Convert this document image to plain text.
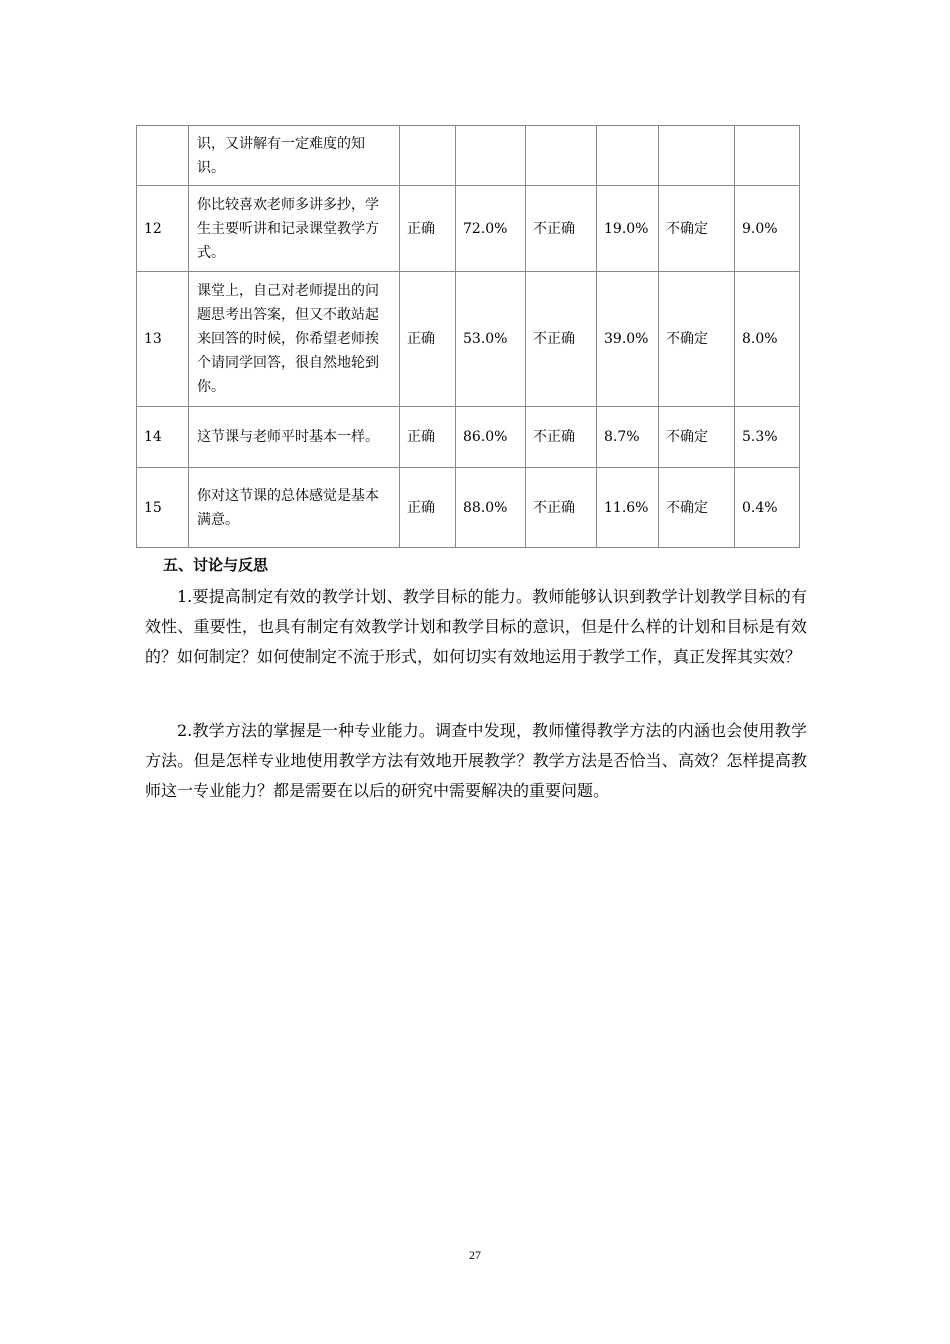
	识，又讲解有一定难度的知识。						
12	你比较喜欢老师多讲多抄，学生主要听讲和记录课堂教学方式。	正确	72.0%	不正确	19.0%	不确定	9.0%
13	课堂上，自己对老师提出的问题思考出答案，但又不敢站起来回答的时候，你希望老师挨个请同学回答，很自然地轮到你。	正确	53.0%	不正确	39.0%	不确定	8.0%
14	这节课与老师平时基本一样。	正确	86.0%	不正确	8.7%	不确定	5.3%
15	你对这节课的总体感觉是基本满意。	正确	88.0%	不正确	11.6%	不确定	0.4%
五、讨论与反思

1.要提高制定有效的教学计划、教学目标的能力。教师能够认识到教学计划教学目标的有效性、重要性，也具有制定有效教学计划和教学目标的意识，但是什么样的计划和目标是有效的？如何制定？如何使制定不流于形式，如何切实有效地运用于教学工作，真正发挥其实效？

2.教学方法的掌握是一种专业能力。调查中发现，教师懂得教学方法的内涵也会使用教学方法。但是怎样专业地使用教学方法有效地开展教学？教学方法是否恰当、高效？怎样提高教师这一专业能力？都是需要在以后的研究中需要解决的重要问题。

27
